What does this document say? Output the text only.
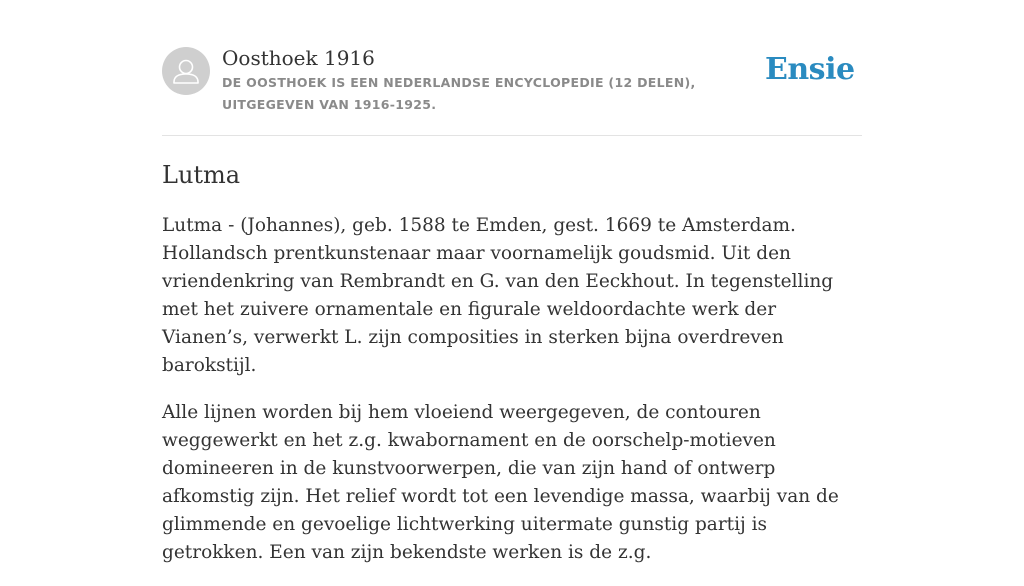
Oosthoek 1916
DE OOSTHOEK IS EEN NEDERLANDSE ENCYCLOPEDIE (12 DELEN), UITGEGEVEN VAN 1916-1925.
Ensie
Lutma

Lutma - (Johannes), geb. 1588 te Emden, gest. 1669 te Amsterdam. Hollandsch prentkunstenaar maar voornamelijk goudsmid. Uit den vriendenkring van Rembrandt en G. van den Eeckhout. In tegenstelling met het zuivere ornamentale en figurale weldoordachte werk der Vianen’s, verwerkt L. zijn composities in sterken bijna overdreven barokstijl.

Alle lijnen worden bij hem vloeiend weergegeven, de contouren weggewerkt en het z.g. kwabornament en de oorschelp-motieven domineeren in de kunstvoorwerpen, die van zijn hand of ontwerp afkomstig zijn. Het relief wordt tot een levendige massa, waarbij van de glimmende en gevoelige lichtwerking uitermate gunstig partij is getrokken. Een van zijn bekendste werken is de z.g.
